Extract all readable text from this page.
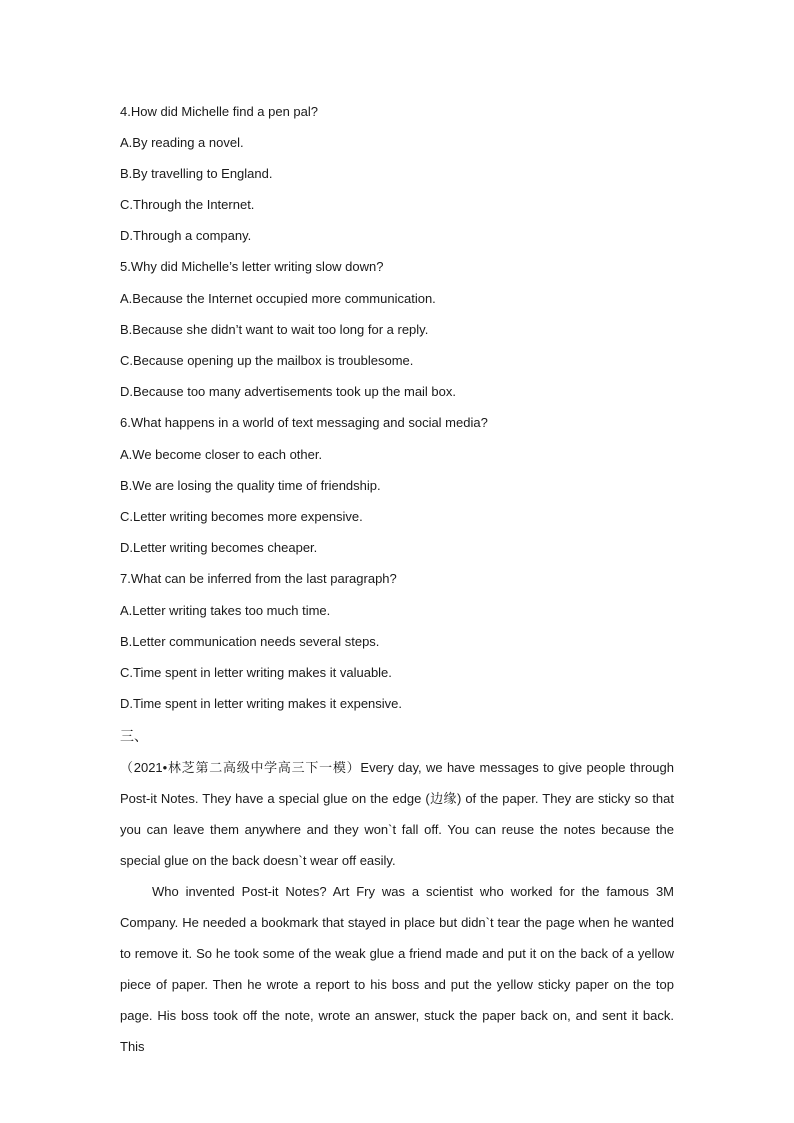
4.How did Michelle find a pen pal?
A.By reading a novel.
B.By travelling to England.
C.Through the Internet.
D.Through a company.
5.Why did Michelle’s letter writing slow down?
A.Because the Internet occupied more communication.
B.Because she didn’t want to wait too long for a reply.
C.Because opening up the mailbox is troublesome.
D.Because too many advertisements took up the mail box.
6.What happens in a world of text messaging and social media?
A.We become closer to each other.
B.We are losing the quality time of friendship.
C.Letter writing becomes more expensive.
D.Letter writing becomes cheaper.
7.What can be inferred from the last paragraph?
A.Letter writing takes too much time.
B.Letter communication needs several steps.
C.Time spent in letter writing makes it valuable.
D.Time spent in letter writing makes it expensive.
三、

（2021•林芝第二高级中学高三下一模）Every day, we have messages to give people through Post-it Notes. They have a special glue on the edge (边缘) of the paper. They are sticky so that you can leave them anywhere and they won`t fall off. You can reuse the notes because the special glue on the back doesn`t wear off easily.

Who invented Post-it Notes? Art Fry was a scientist who worked for the famous 3M Company. He needed a bookmark that stayed in place but didn`t tear the page when he wanted to remove it. So he took some of the weak glue a friend made and put it on the back of a yellow piece of paper. Then he wrote a report to his boss and put the yellow sticky paper on the top page. His boss took off the note, wrote an answer, stuck the paper back on, and sent it back. This
